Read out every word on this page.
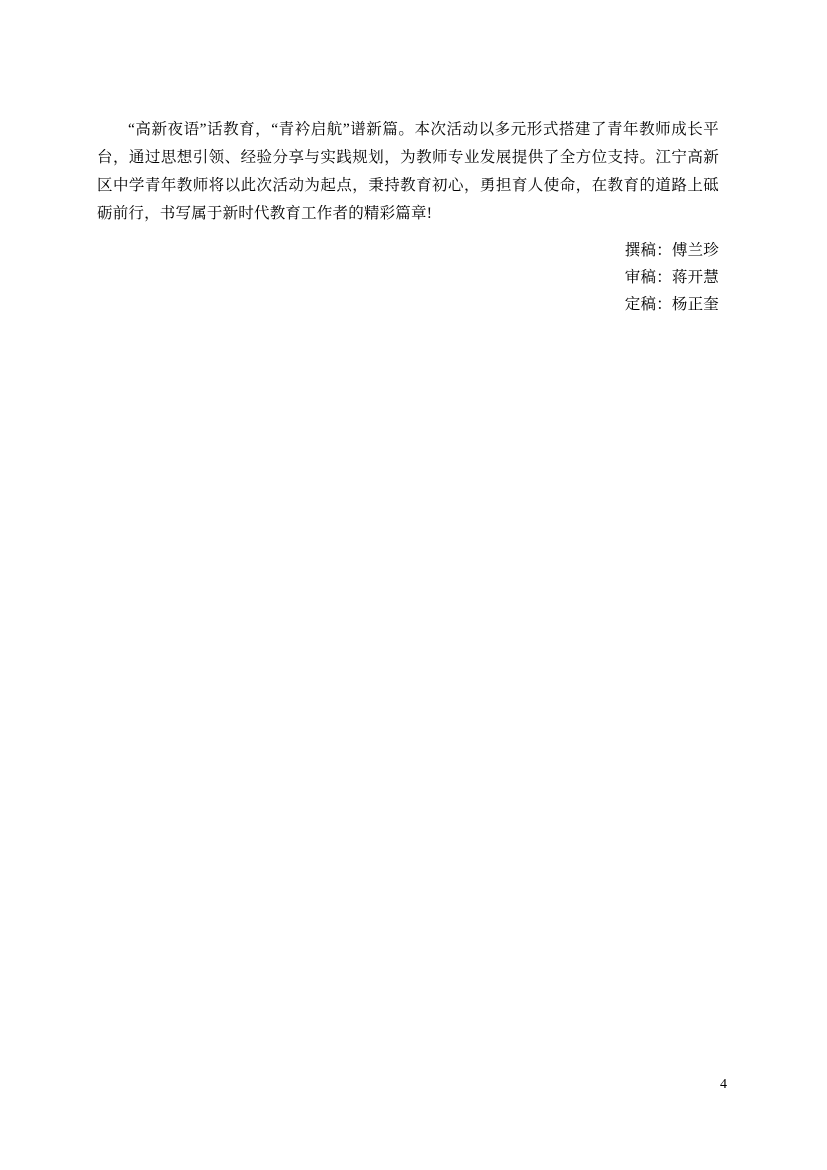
“高新夜语”话教育，“青衿启航”谱新篇。本次活动以多元形式搭建了青年教师成长平台，通过思想引领、经验分享与实践规划，为教师专业发展提供了全方位支持。江宁高新区中学青年教师将以此次活动为起点，秉持教育初心，勇担育人使命，在教育的道路上砥砺前行，书写属于新时代教育工作者的精彩篇章!

撰稿：傅兰珍
审稿：蒋开慧
定稿：杨正奎
4
